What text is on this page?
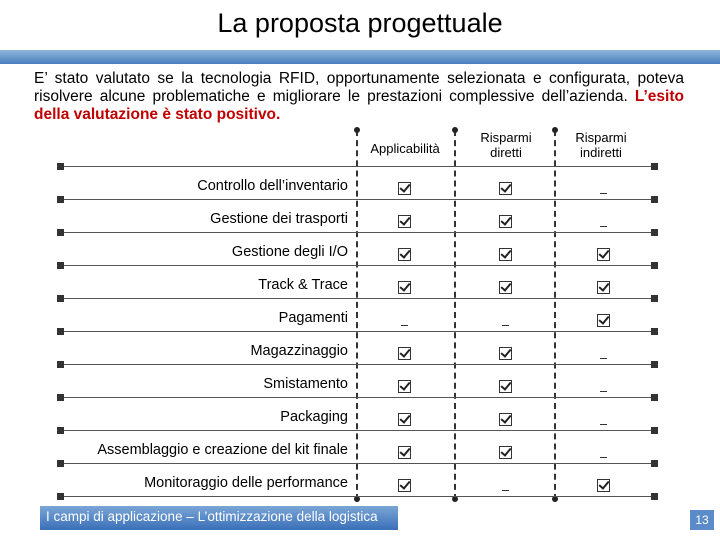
La proposta progettuale
E’ stato valutato se la tecnologia RFID, opportunamente selezionata e configurata, poteva risolvere alcune problematiche e migliorare le prestazioni complessive dell’azienda. L’esito della valutazione è stato positivo.
Applicabilità
Risparmi diretti
Risparmi indiretti
Controllo dell’inventario
Gestione dei trasporti
Gestione degli I/O
Track & Trace
Pagamenti
Magazzinaggio
Smistamento
Packaging
Assemblaggio e creazione del kit finale
Monitoraggio delle performance
I campi di applicazione – L’ottimizzazione della logistica	13
